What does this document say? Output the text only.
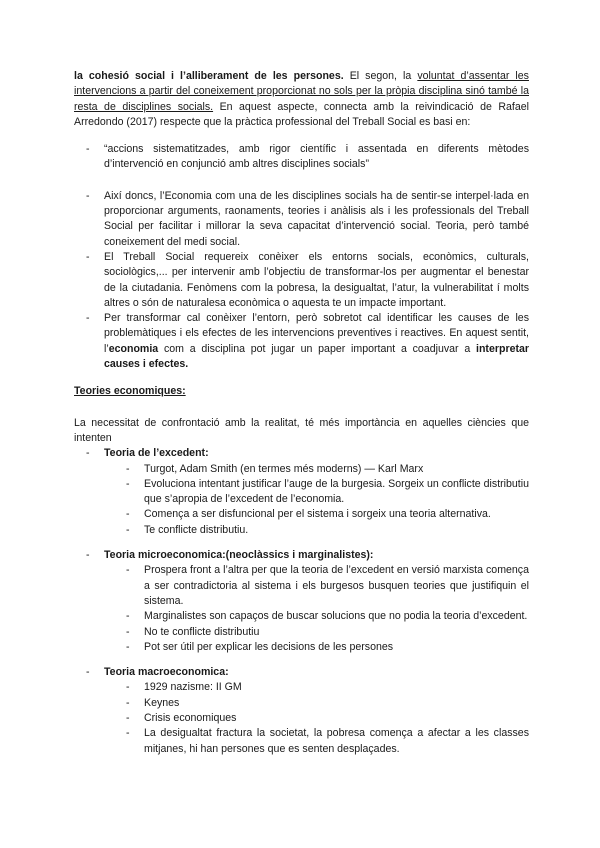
la cohesió social i l’alliberament de les persones. El segon, la voluntat d’assentar les intervencions a partir del coneixement proporcionat no sols per la pròpia disciplina sinó també la resta de disciplines socials. En aquest aspecte, connecta amb la reivindicació de Rafael Arredondo (2017) respecte que la pràctica professional del Treball Social es basi en:

- “accions sistematitzades, amb rigor científic i assentada en diferents mètodes d’intervenció en conjunció amb altres disciplines socials”
- Així doncs, l’Economia com una de les disciplines socials ha de sentir-se interpel·lada en proporcionar arguments, raonaments, teories i anàlisis als i les professionals del Treball Social per facilitar i millorar la seva capacitat d’intervenció social. Teoria, però també coneixement del medi social.
- El Treball Social requereix conèixer els entorns socials, econòmics, culturals, sociològics,... per intervenir amb l’objectiu de transformar-los per augmentar el benestar de la ciutadania. Fenòmens com la pobresa, la desigualtat, l’atur, la vulnerabilitat í molts altres o són de naturalesa econòmica o aquesta te un impacte important.
- Per transformar cal conèixer l’entorn, però sobretot cal identificar les causes de les problemàtiques i els efectes de les intervencions preventives i reactives. En aquest sentit, l’economia com a disciplina pot jugar un paper important a coadjuvar a interpretar causes i efectes.

Teories economiques:

La necessitat de confrontació amb la realitat, té més importància en aquelles ciències que intenten

- Teoria de l’excedent:
- Turgot, Adam Smith (en termes més moderns) — Karl Marx
- Evoluciona intentant justificar l’auge de la burgesia. Sorgeix un conflicte distributiu que s’apropia de l’excedent de l’economia.
- Comença a ser disfuncional per el sistema i sorgeix una teoria alternativa.
- Te conflicte distributiu.
- Teoria microeconomica:(neoclàssics i marginalistes):
- Prospera front a l’altra per que la teoria de l’excedent en versió marxista comença a ser contradictoria al sistema i els burgesos busquen teories que justifiquin el sistema.
- Marginalistes son capaços de buscar solucions que no podia la teoria d’excedent.
- No te conflicte distributiu
- Pot ser útil per explicar les decisions de les persones
- Teoria macroeconomica:
- 1929 nazisme: II GM
- Keynes
- Crisis economiques
- La desigualtat fractura la societat, la pobresa comença a afectar a les classes mitjanes, hi han persones que es senten desplaçades.
